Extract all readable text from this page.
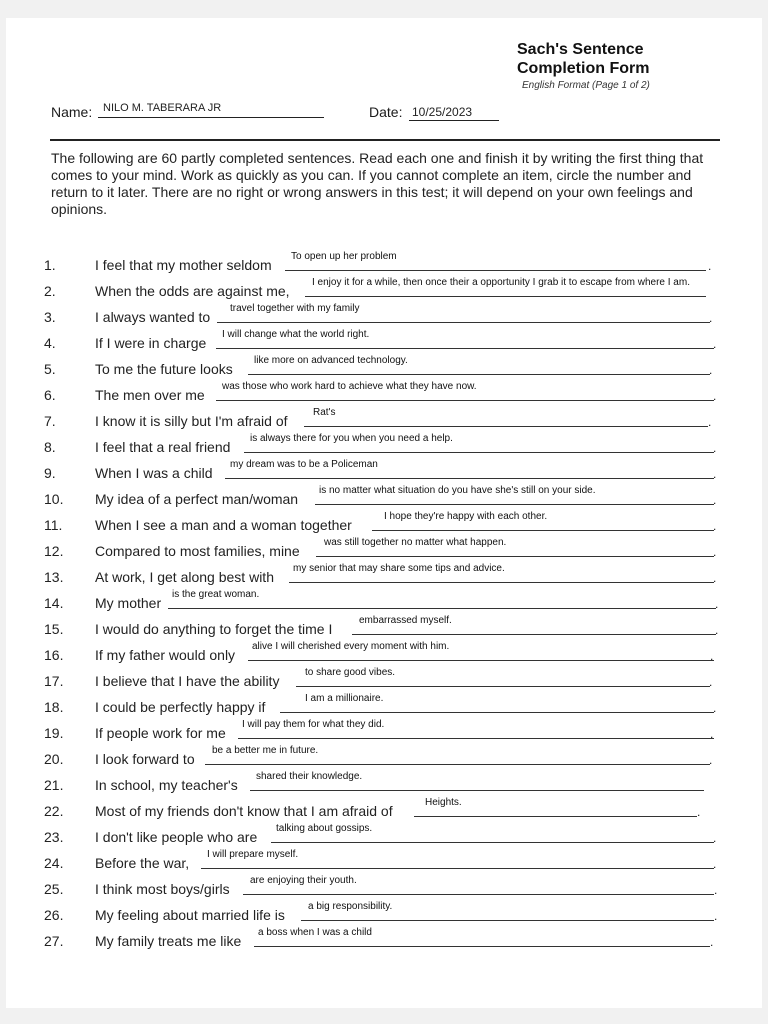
Sach's Sentence
Completion Form
English Format (Page 1 of 2)
Name: NILO M. TABERARA JR	Date: 10/25/2023
The following are 60 partly completed sentences. Read each one and finish it by writing the first thing that comes to your mind. Work as quickly as you can. If you cannot complete an item, circle the number and return to it later. There are no right or wrong answers in this test; it will depend on your own feelings and opinions.
1.	I feel that my mother seldom
To open up her problem
.
2.	When the odds are against me,
I enjoy it for a while, then once their a opportunity I grab it to escape from where I am.
3.	I always wanted to
travel together with my family
.
4.	If I were in charge
I will change what the world right.
.
5.	To me the future looks
like more on advanced technology.
.
6.	The men over me
was those who work hard to achieve what they have now.
.
7.	I know it is silly but I'm afraid of
Rat's
.
8.	I feel that a real friend
is always there for you when you need a help.
.
9.	When I was a child
my dream was to be a Policeman
.
10. My idea of a perfect man/woman
is no matter what situation do you have she's still on your side.
.
11. When I see a man and a woman together
I hope they're happy with each other.
.
12. Compared to most families, mine
was still together no matter what happen.
.
13. At work, I get along best with
my senior that may share some tips and advice.
.
14. My mother
is the great woman.
.
15. I would do anything to forget the time I
embarrassed myself.
.
16. If my father would only
alive I will cherished every moment with him.
.
17. I believe that I have the ability
to share good vibes.
.
18. I could be perfectly happy if
I am a millionaire.
.
19. If people work for me
I will pay them for what they did.
.
20. I look forward to
be a better me in future.
.
21. In school, my teacher's
shared their knowledge.
22. Most of my friends don't know that I am afraid of
Heights.
.
23. I don't like people who are
talking about gossips.
.
24. Before the war,
I will prepare myself.
.
25. I think most boys/girls
are enjoying their youth.
.
26. My feeling about married life is
a big responsibility.
.
27. My family treats me like
a boss when I was a child
.
